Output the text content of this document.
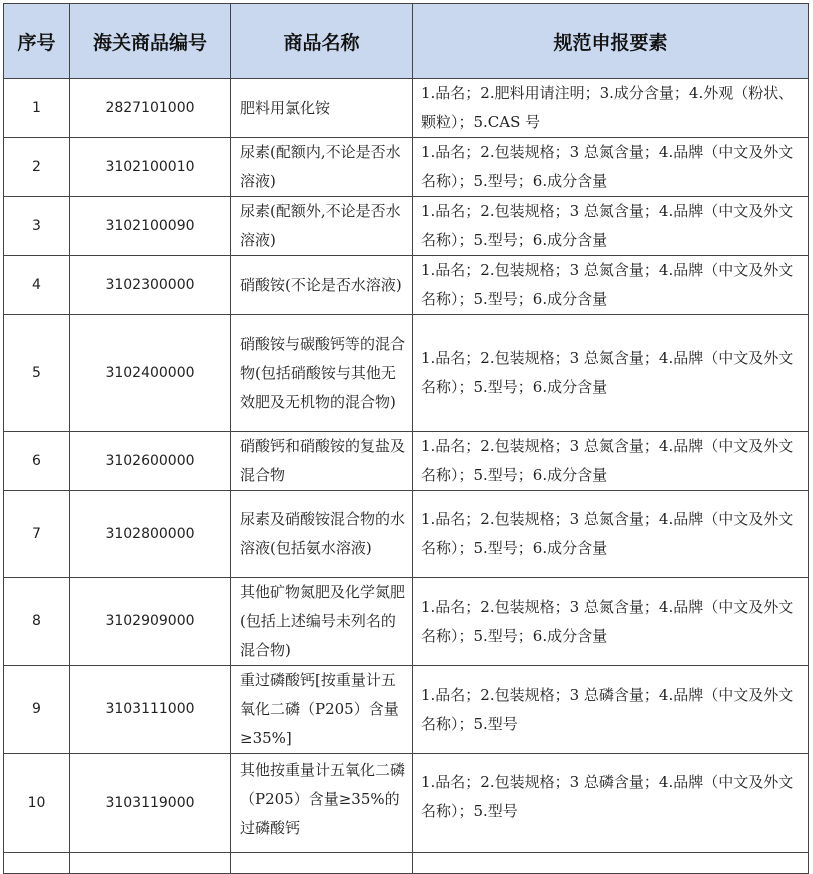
序号	海关商品编号	商品名称	规范申报要素
1	2827101000	肥料用氯化铵	1.品名；2.肥料用请注明；3.成分含量；4.外观（粉状、颗粒）；5.CAS 号
2	3102100010	尿素(配额内,不论是否水溶液)	1.品名；2.包装规格；3 总氮含量；4.品牌（中文及外文名称）；5.型号；6.成分含量
3	3102100090	尿素(配额外,不论是否水溶液)	1.品名；2.包装规格；3 总氮含量；4.品牌（中文及外文名称）；5.型号；6.成分含量
4	3102300000	硝酸铵(不论是否水溶液)	1.品名；2.包装规格；3 总氮含量；4.品牌（中文及外文名称）；5.型号；6.成分含量
5	3102400000	硝酸铵与碳酸钙等的混合物(包括硝酸铵与其他无效肥及无机物的混合物)	1.品名；2.包装规格；3 总氮含量；4.品牌（中文及外文名称）；5.型号；6.成分含量
6	3102600000	硝酸钙和硝酸铵的复盐及混合物	1.品名；2.包装规格；3 总氮含量；4.品牌（中文及外文名称）；5.型号；6.成分含量
7	3102800000	尿素及硝酸铵混合物的水溶液(包括氨水溶液)	1.品名；2.包装规格；3 总氮含量；4.品牌（中文及外文名称）；5.型号；6.成分含量
8	3102909000	其他矿物氮肥及化学氮肥(包括上述编号未列名的混合物)	1.品名；2.包装规格；3 总氮含量；4.品牌（中文及外文名称）；5.型号；6.成分含量
9	3103111000	重过磷酸钙[按重量计五氧化二磷（P205）含量≥35%]	1.品名；2.包装规格；3 总磷含量；4.品牌（中文及外文名称）；5.型号
10	3103119000	其他按重量计五氧化二磷（P205）含量≥35%的过磷酸钙	1.品名；2.包装规格；3 总磷含量；4.品牌（中文及外文名称）；5.型号
